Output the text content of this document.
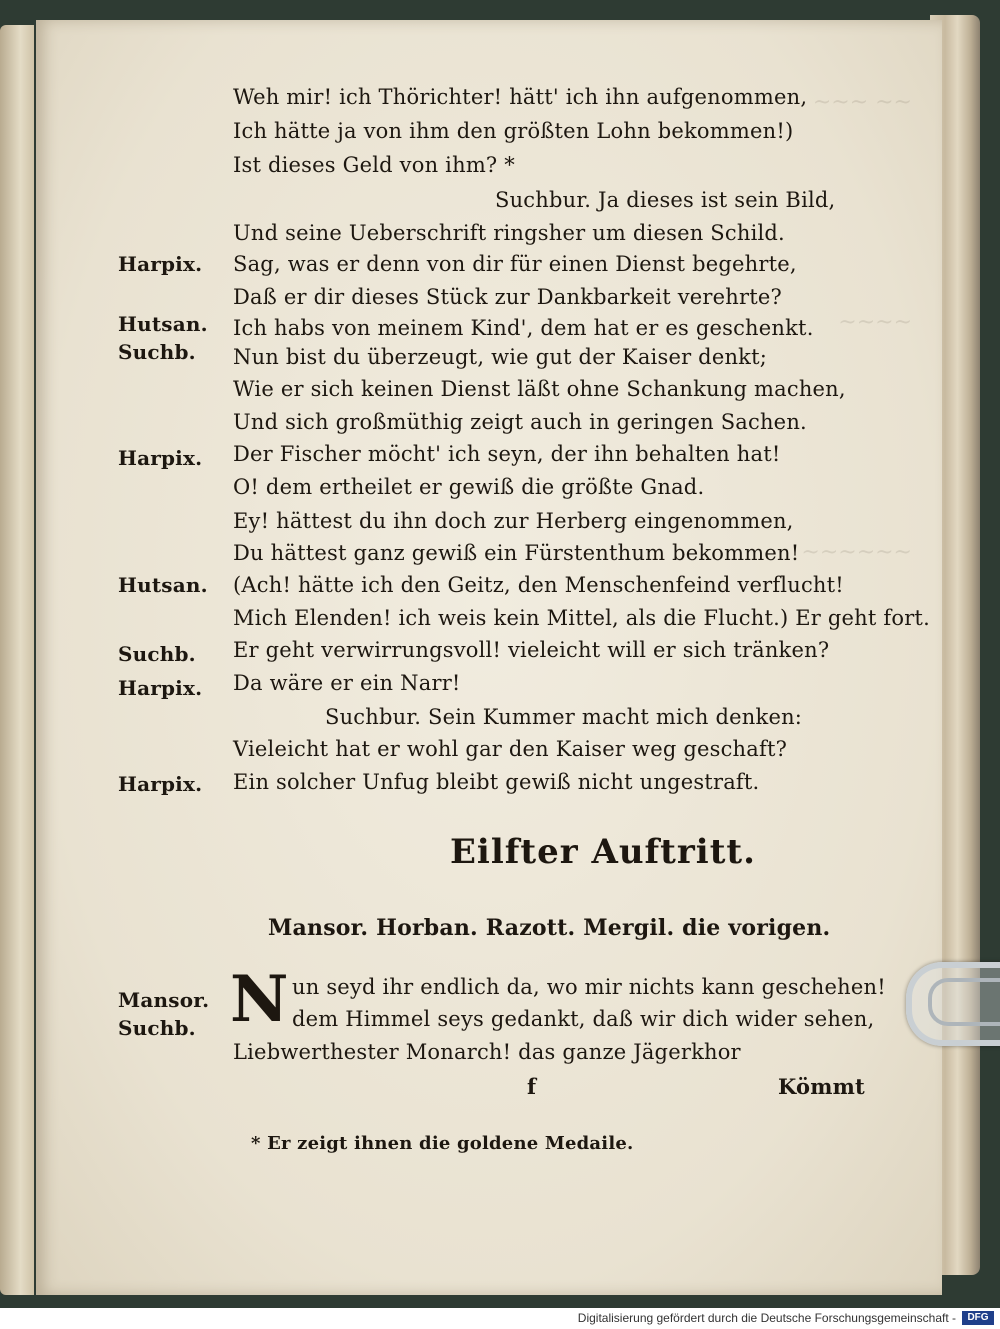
~~~ ~~
~~~~
~~~~~~
Weh mir! ich Thörichter! hätt' ich ihn aufgenommen,
Ich hätte ja von ihm den größten Lohn bekommen!)
Ist dieses Geld von ihm? *
Suchbur. Ja dieses ist sein Bild,
Und seine Ueberschrift ringsher um diesen Schild.
Harpix. Sag, was er denn von dir für einen Dienst begehrte,
Daß er dir dieses Stück zur Dankbarkeit verehrte?
Hutsan. Ich habs von meinem Kind', dem hat er es geschenkt.
Suchb. Nun bist du überzeugt, wie gut der Kaiser denkt;
Wie er sich keinen Dienst läßt ohne Schankung machen,
Und sich großmüthig zeigt auch in geringen Sachen.
Harpix. Der Fischer möcht' ich seyn, der ihn behalten hat!
O! dem ertheilet er gewiß die größte Gnad.
Ey! hättest du ihn doch zur Herberg eingenommen,
Du hättest ganz gewiß ein Fürstenthum bekommen!
Hutsan. (Ach! hätte ich den Geitz, den Menschenfeind verflucht!
Mich Elenden! ich weis kein Mittel, als die Flucht.) Er geht fort.
Suchb. Er geht verwirrungsvoll! vieleicht will er sich tränken?
Harpix. Da wäre er ein Narr!
Suchbur. Sein Kummer macht mich denken:
Vieleicht hat er wohl gar den Kaiser weg geschaft?
Harpix. Ein solcher Unfug bleibt gewiß nicht ungestraft.
Eilfter Auftritt.
Mansor. Horban. Razott. Mergil. die vorigen.
Mansor. N un seyd ihr endlich da, wo mir nichts kann geschehen!
Suchb.	dem Himmel seys gedankt, daß wir dich wider sehen,
Liebwerthester Monarch! das ganze Jägerkhor
f	Kömmt
* Er zeigt ihnen die goldene Medaile.
Digitalisierung gefördert durch die Deutsche Forschungsgemeinschaft -	DFG
